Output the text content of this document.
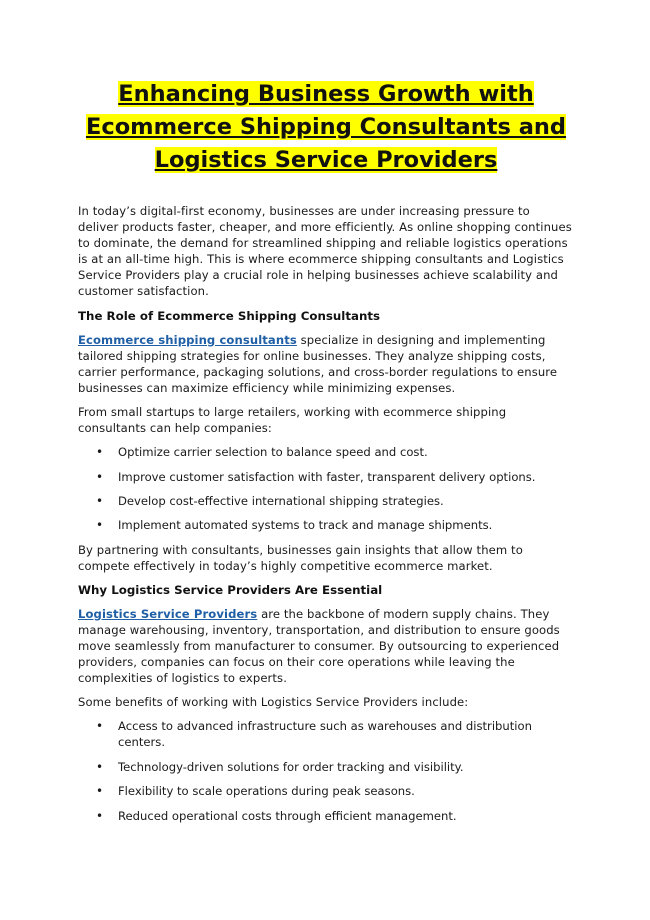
Enhancing Business Growth with Ecommerce Shipping Consultants and Logistics Service Providers

In today’s digital-first economy, businesses are under increasing pressure to deliver products faster, cheaper, and more efficiently. As online shopping continues to dominate, the demand for streamlined shipping and reliable logistics operations is at an all-time high. This is where ecommerce shipping consultants and Logistics Service Providers play a crucial role in helping businesses achieve scalability and customer satisfaction.

The Role of Ecommerce Shipping Consultants

Ecommerce shipping consultants specialize in designing and implementing tailored shipping strategies for online businesses. They analyze shipping costs, carrier performance, packaging solutions, and cross-border regulations to ensure businesses can maximize efficiency while minimizing expenses.

From small startups to large retailers, working with ecommerce shipping consultants can help companies:

• Optimize carrier selection to balance speed and cost.
• Improve customer satisfaction with faster, transparent delivery options.
• Develop cost-effective international shipping strategies.
• Implement automated systems to track and manage shipments.

By partnering with consultants, businesses gain insights that allow them to compete effectively in today’s highly competitive ecommerce market.

Why Logistics Service Providers Are Essential

Logistics Service Providers are the backbone of modern supply chains. They manage warehousing, inventory, transportation, and distribution to ensure goods move seamlessly from manufacturer to consumer. By outsourcing to experienced providers, companies can focus on their core operations while leaving the complexities of logistics to experts.

Some benefits of working with Logistics Service Providers include:

• Access to advanced infrastructure such as warehouses and distribution centers.
• Technology-driven solutions for order tracking and visibility.
• Flexibility to scale operations during peak seasons.
• Reduced operational costs through efficient management.
